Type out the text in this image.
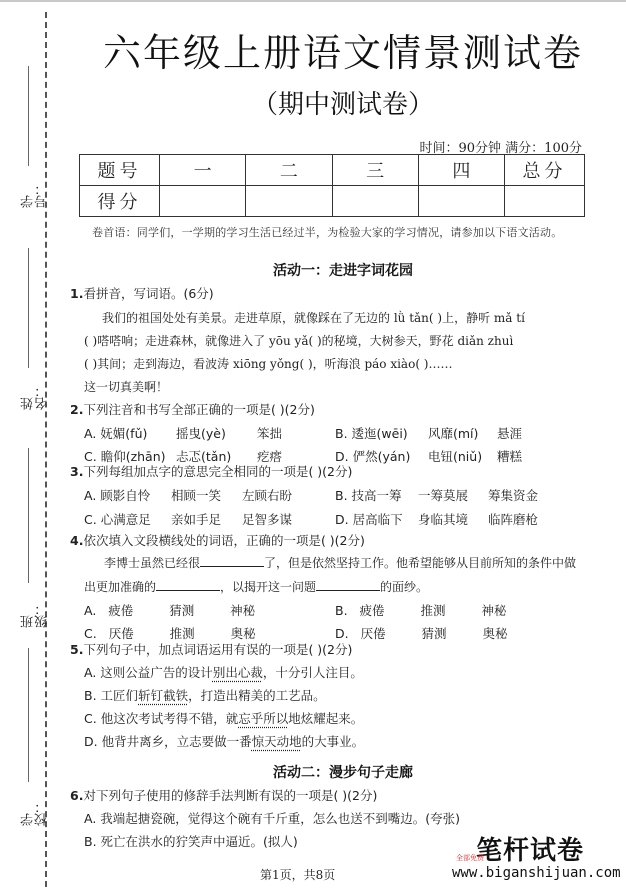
学号：
姓名：
班级：
学校：
六年级上册语文情景测试卷
（期中测试卷）
时间：90分钟 满分：100分
题号	一	二	三	四	总分
得分					
卷首语：同学们，一学期的学习生活已经过半，为检验大家的学习情况，请参加以下语文活动。
活动一：走进字词花园
1.看拼音，写词语。(6分)
我们的祖国处处有美景。走进草原，就像踩在了无边的 lǜ tǎn( )上，静听 mǎ tí
( )嗒嗒响；走进森林，就像进入了 yōu yǎ( )的秘境，大树参天，野花 diǎn zhuì
( )其间；走到海边，看波涛 xiōng yǒng( )，听海浪 páo xiào( )……
这一切真美啊！
2.下列注音和书写全部正确的一项是( )(2分)
A. 妩媚(fǔ) 摇曳(yè) 笨拙	B. 逶迤(wēi) 风靡(mí) 悬涯
C. 瞻仰(zhān) 忐忑(tǎn) 疙瘩	D. 俨然(yán) 电钮(niǔ) 糟糕
3.下列每组加点字的意思完全相同的一项是( )(2分)
A. 顾影自怜 相顾一笑 左顾右盼	B. 技高一筹 一筹莫展 筹集资金
C. 心满意足 亲如手足 足智多谋	D. 居高临下 身临其境 临阵磨枪
4.依次填入文段横线处的词语，正确的一项是( )(2分)
李博士虽然已经很	了，但是依然坚持工作。他希望能够从目前所知的条件中做
出更加准确的	，以揭开这一问题	的面纱。
A. 疲倦	猜测	神秘	B. 疲倦	推测	神秘
C. 厌倦	推测	奥秘	D. 厌倦	猜测	奥秘
5.下列句子中，加点词语运用有误的一项是( )(2分)
A. 这则公益广告的设计别出心裁，十分引人注目。
B. 工匠们斩钉截铁，打造出精美的工艺品。
C. 他这次考试考得不错，就忘乎所以地炫耀起来。
D. 他背井离乡，立志要做一番惊天动地的大事业。
活动二：漫步句子走廊
6.对下列句子使用的修辞手法判断有误的一项是( )(2分)
A. 我端起搪瓷碗，觉得这个碗有千斤重，怎么也送不到嘴边。(夸张)
B. 死亡在洪水的狞笑声中逼近。(拟人)
第1页，共8页
笔杆试卷
全部免费
www.biganshijuan.com
